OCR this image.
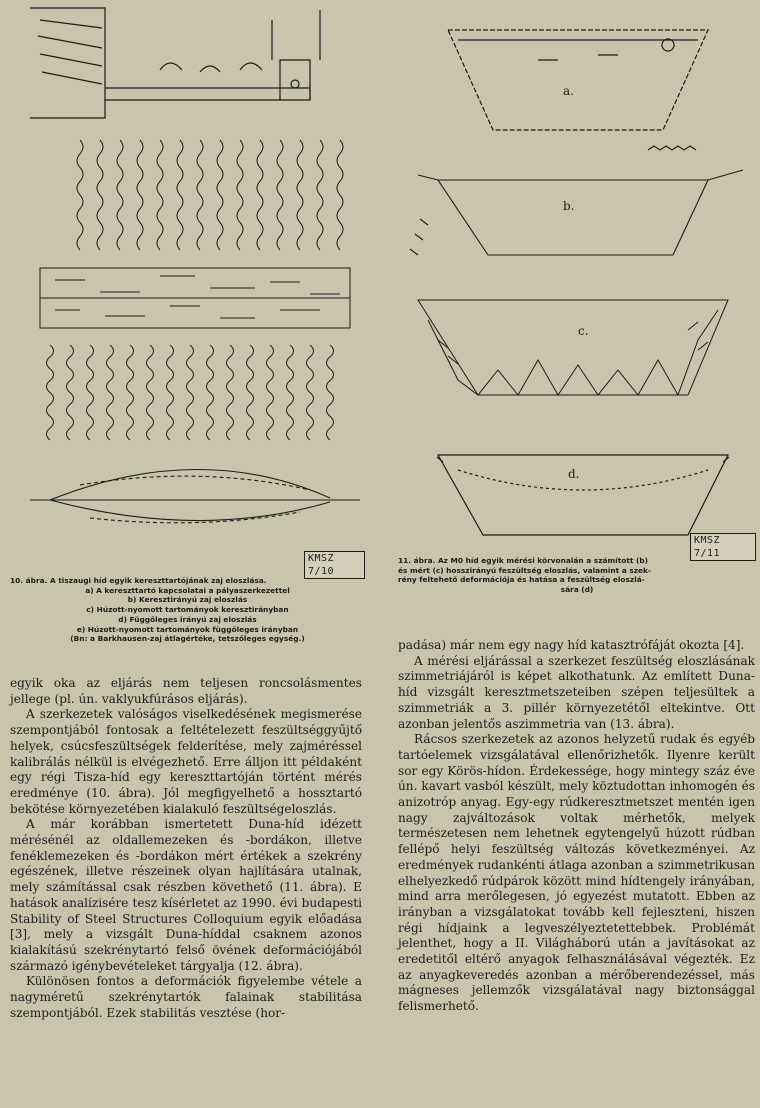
KMSZ 7/10
10. ábra. A tiszaugi híd egyik kereszttartójának zaj eloszlása.
a) A kereszttartó kapcsolatai a pályaszerkezettel
b) Keresztirányú zaj eloszlás
c) Húzott-nyomott tartományok keresztirányban
d) Függőleges irányú zaj eloszlás
e) Húzott-nyomott tartományok függőleges irányban
(Bn: a Barkhausen-zaj átlagértéke, tetszőleges egység.)

egyik oka az eljárás nem teljesen roncsolásmentes jellege (pl. ún. vaklyukfúrásos eljárás).

A szerkezetek valóságos viselkedésének megismerése szempontjából fontosak a feltételezett feszültséggyűjtő helyek, csúcsfeszültségek felderítése, mely zajméréssel kalibrálás nélkül is elvégezhető. Erre álljon itt példaként egy régi Tisza-híd egy kereszttartóján történt mérés eredménye (10. ábra). Jól megfigyelhető a hossztartó bekötése környezetében kialakuló feszültségeloszlás.

A már korábban ismertetett Duna-híd idézett mérésénél az oldallemezeken és -bordákon, illetve fenéklemezeken és -bordákon mért értékek a szekrény egészének, illetve részeinek olyan hajlítására utalnak, mely számítással csak részben követhető (11. ábra). E hatások analízisére tesz kísérletet az 1990. évi budapesti Stability of Steel Structures Colloquium egyik előadása [3], mely a vizsgált Duna-híddal csaknem azonos kialakítású szekrénytartó felső övének deformációjából származó igénybevételeket tárgyalja (12. ábra).

Különösen fontos a deformációk figyelembe vétele a nagyméretű szekrénytartók falainak stabilitása szempontjából. Ezek stabilitás vesztése (hor-

a.
b.
c.
d.
KMSZ 7/11
11. ábra. Az M0 híd egyik mérési körvonalán a számított (b)
és mért (c) hosszirányú feszültség eloszlás, valamint a szek-
rény feltehető deformációja és hatása a feszültség eloszlá-
sára (d)

padása) már nem egy nagy híd katasztrófáját okozta [4].

A mérési eljárással a szerkezet feszültség eloszlásának szimmetriájáról is képet alkothatunk. Az említett Duna-híd vizsgált keresztmetszeteiben szépen teljesültek a szimmetriák a 3. pillér környezetétől eltekintve. Ott azonban jelentős aszimmetria van (13. ábra).

Rácsos szerkezetek az azonos helyzetű rudak és egyéb tartóelemek vizsgálatával ellenőrizhetők. Ilyenre került sor egy Körös-hídon. Érdekessége, hogy mintegy száz éve ún. kavart vasból készült, mely köztudottan inhomogén és anizotróp anyag. Egy-egy rúdkeresztmetszet mentén igen nagy zajváltozások voltak mérhetők, melyek természetesen nem lehetnek egytengelyű húzott rúdban fellépő helyi feszültség változás következményei. Az eredmények rudankénti átlaga azonban a szimmetrikusan elhelyezkedő rúdpárok között mind hídtengely irányában, mind arra merőlegesen, jó egyezést mutatott. Ebben az irányban a vizsgálatokat tovább kell fejleszteni, hiszen régi hídjaink a legveszélyeztetettebbek. Problémát jelenthet, hogy a II. Világháború után a javításokat az eredetitől eltérő anyagok felhasználásával végezték. Ez az anyagkeveredés azonban a mérőberendezéssel, más mágneses jellemzők vizsgálatával nagy biztonsággal felismerhető.
